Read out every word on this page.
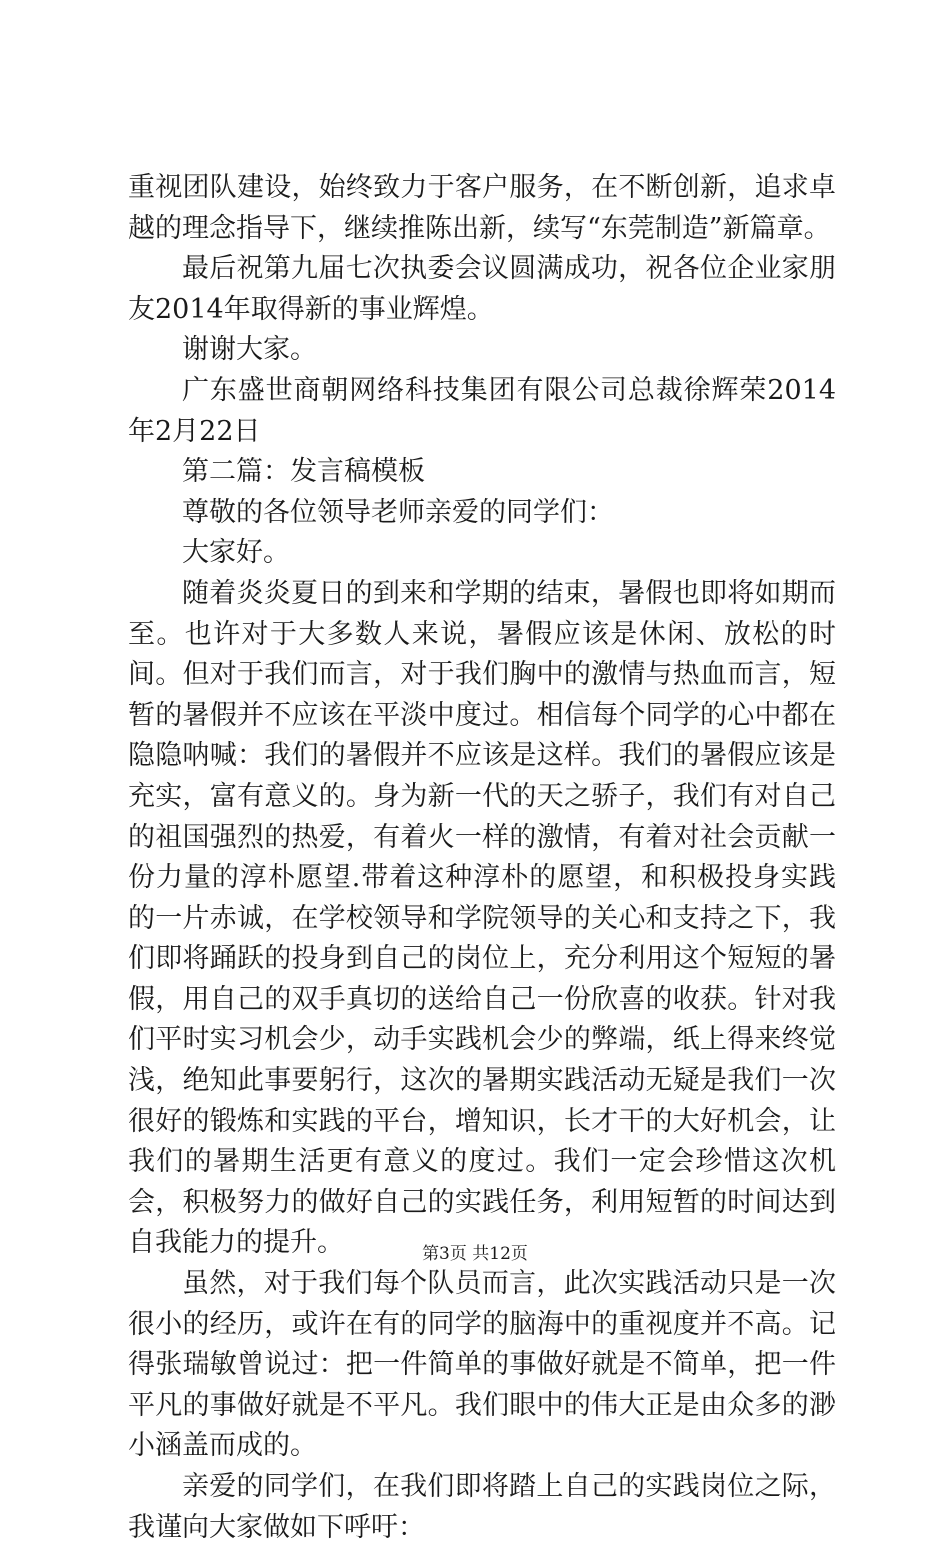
重视团队建设，始终致力于客户服务，在不断创新，追求卓越的理念指导下，继续推陈出新，续写“东莞制造”新篇章。

最后祝第九届七次执委会议圆满成功，祝各位企业家朋友2014年取得新的事业辉煌。

谢谢大家。

广东盛世商朝网络科技集团有限公司总裁徐辉荣2014年2月22日

第二篇：发言稿模板

尊敬的各位领导老师亲爱的同学们：

大家好。

随着炎炎夏日的到来和学期的结束，暑假也即将如期而至。也许对于大多数人来说，暑假应该是休闲、放松的时间。但对于我们而言，对于我们胸中的激情与热血而言，短暂的暑假并不应该在平淡中度过。相信每个同学的心中都在隐隐呐喊：我们的暑假并不应该是这样。我们的暑假应该是充实，富有意义的。身为新一代的天之骄子，我们有对自己的祖国强烈的热爱，有着火一样的激情，有着对社会贡献一份力量的淳朴愿望.带着这种淳朴的愿望，和积极投身实践的一片赤诚，在学校领导和学院领导的关心和支持之下，我们即将踊跃的投身到自己的岗位上，充分利用这个短短的暑假，用自己的双手真切的送给自己一份欣喜的收获。针对我们平时实习机会少，动手实践机会少的弊端，纸上得来终觉浅，绝知此事要躬行，这次的暑期实践活动无疑是我们一次很好的锻炼和实践的平台，增知识，长才干的大好机会，让我们的暑期生活更有意义的度过。我们一定会珍惜这次机会，积极努力的做好自己的实践任务，利用短暂的时间达到自我能力的提升。

虽然，对于我们每个队员而言，此次实践活动只是一次很小的经历，或许在有的同学的脑海中的重视度并不高。记得张瑞敏曾说过：把一件简单的事做好就是不简单，把一件平凡的事做好就是不平凡。我们眼中的伟大正是由众多的渺小涵盖而成的。

亲爱的同学们，在我们即将踏上自己的实践岗位之际，我谨向大家做如下呼吁：

第3页 共12页
